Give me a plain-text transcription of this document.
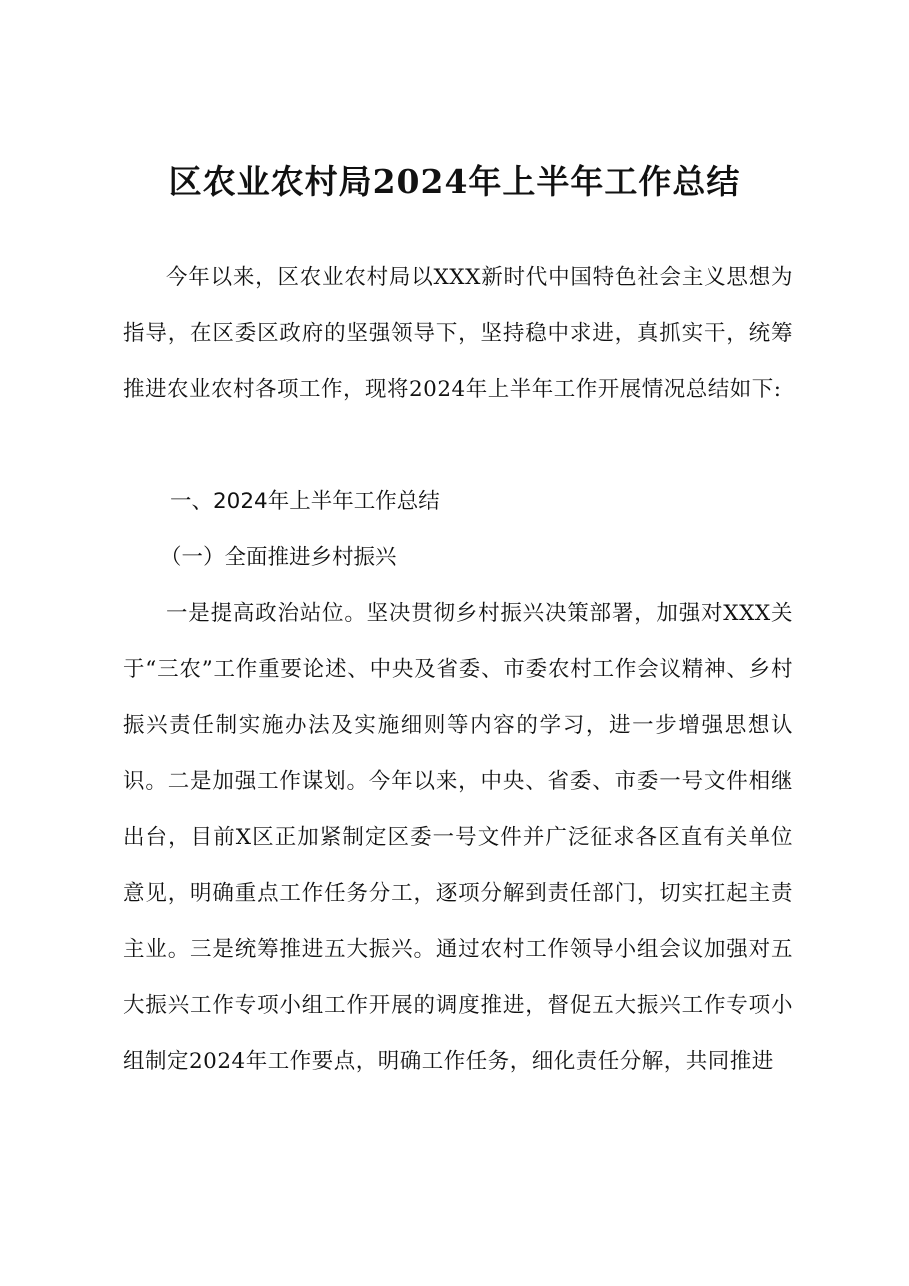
区农业农村局2024年上半年工作总结

今年以来，区农业农村局以XXX新时代中国特色社会主义思想为指导，在区委区政府的坚强领导下，坚持稳中求进，真抓实干，统筹推进农业农村各项工作，现将2024年上半年工作开展情况总结如下:

一、2024年上半年工作总结
（一）全面推进乡村振兴

一是提高政治站位。坚决贯彻乡村振兴决策部署，加强对XXX关于“三农”工作重要论述、中央及省委、市委农村工作会议精神、乡村振兴责任制实施办法及实施细则等内容的学习，进一步增强思想认识。二是加强工作谋划。今年以来，中央、省委、市委一号文件相继出台，目前X区正加紧制定区委一号文件并广泛征求各区直有关单位意见，明确重点工作任务分工，逐项分解到责任部门，切实扛起主责主业。三是统筹推进五大振兴。通过农村工作领导小组会议加强对五大振兴工作专项小组工作开展的调度推进，督促五大振兴工作专项小组制定2024年工作要点，明确工作任务，细化责任分解，共同推进
